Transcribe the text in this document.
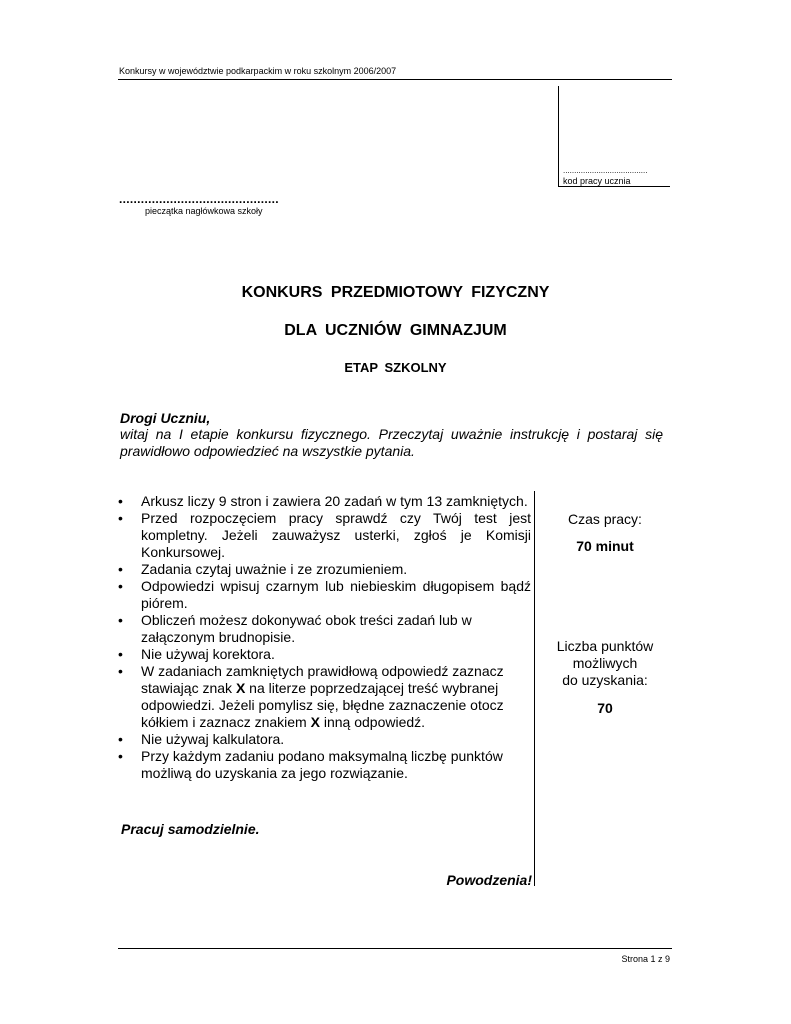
Konkursy w województwie podkarpackim w roku szkolnym 2006/2007
......................................
kod pracy ucznia
............................................
pieczątka nagłówkowa szkoły
KONKURS PRZEDMIOTOWY FIZYCZNY
DLA UCZNIÓW GIMNAZJUM
ETAP SZKOLNY
Drogi Uczniu,
witaj na I etapie konkursu fizycznego. Przeczytaj uważnie instrukcję i postaraj się prawidłowo odpowiedzieć na wszystkie pytania.
• Arkusz liczy 9 stron i zawiera 20 zadań w tym 13 zamkniętych.
• Przed rozpoczęciem pracy sprawdź czy Twój test jest kompletny. Jeżeli zauważysz usterki, zgłoś je Komisji Konkursowej.
• Zadania czytaj uważnie i ze zrozumieniem.
• Odpowiedzi wpisuj czarnym lub niebieskim długopisem bądź piórem.
• Obliczeń możesz dokonywać obok treści zadań lub w załączonym brudnopisie.
• Nie używaj korektora.
• W zadaniach zamkniętych prawidłową odpowiedź zaznacz stawiając znak X na literze poprzedzającej treść wybranej odpowiedzi. Jeżeli pomylisz się, błędne zaznaczenie otocz kółkiem i zaznacz znakiem X inną odpowiedź.
• Nie używaj kalkulatora.
• Przy każdym zadaniu podano maksymalną liczbę punktów możliwą do uzyskania za jego rozwiązanie.
Czas pracy:
70 minut
Liczba punktów
możliwych
do uzyskania:
70
Pracuj samodzielnie.
Powodzenia!
Strona 1 z 9
